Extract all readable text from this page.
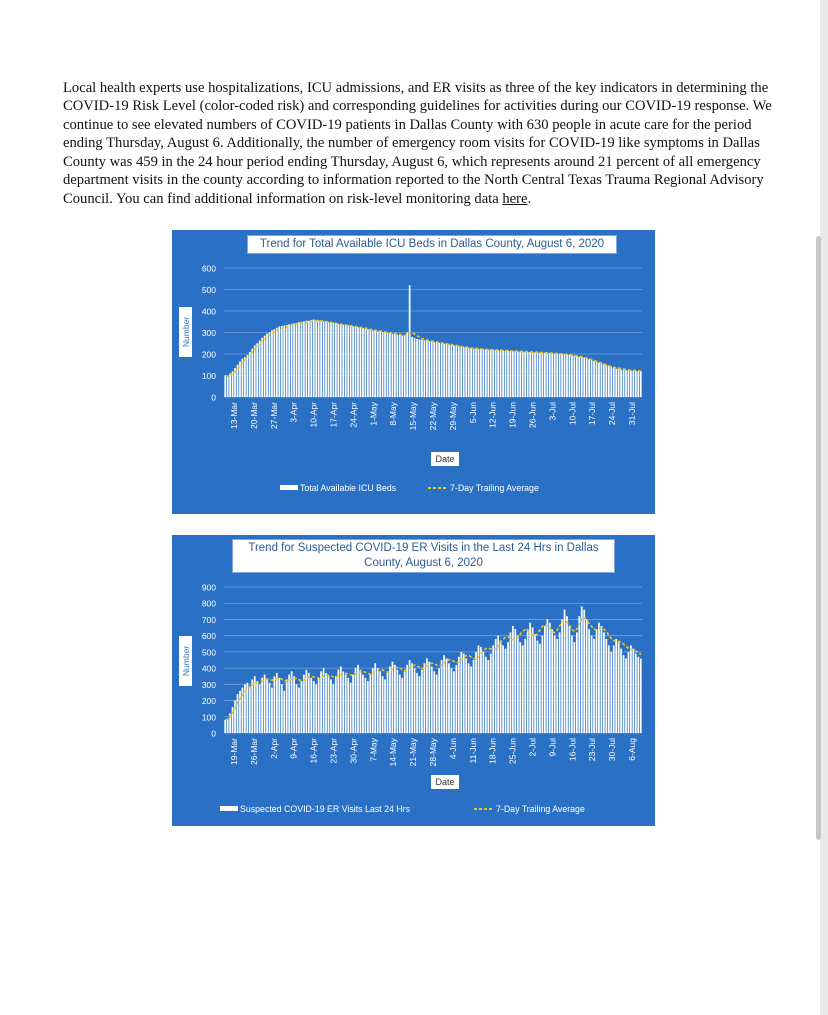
Local health experts use hospitalizations, ICU admissions, and ER visits as three of the key indicators in determining the COVID-19 Risk Level (color-coded risk) and corresponding guidelines for activities during our COVID-19 response. We continue to see elevated numbers of COVID-19 patients in Dallas County with 630 people in acute care for the period ending Thursday, August 6. Additionally, the number of emergency room visits for COVID-19 like symptoms in Dallas County was 459 in the 24 hour period ending Thursday, August 6, which represents around 21 percent of all emergency department visits in the county according to information reported to the North Central Texas Trauma Regional Advisory Council. You can find additional information on risk-level monitoring data here.

0
100
200
300
400
500
600
Number
13-Mar 20-Mar 27-Mar 3-Apr 10-Apr 17-Apr 24-Apr 1-May 8-May 15-May 22-May 29-May 5-Jun 12-Jun 19-Jun 26-Jun 3-Jul 10-Jul 17-Jul 24-Jul 31-Jul
Date
Total Available ICU Beds	7-Day Trailing Average
Trend for Total Available ICU Beds in Dallas County, August 6, 2020
0
100
200
300
400
500
600
700
800
900
Number
19-Mar 26-Mar 2-Apr 9-Apr 16-Apr 23-Apr 30-Apr 7-May 14-May 21-May 28-May 4-Jun 11-Jun 18-Jun 25-Jun 2-Jul 9-Jul 16-Jul 23-Jul 30-Jul 6-Aug
Date
Suspected COVID-19 ER Visits Last 24 Hrs	7-Day Trailing Average
Trend for Suspected COVID-19 ER Visits in the Last 24 Hrs in Dallas County, August 6, 2020
